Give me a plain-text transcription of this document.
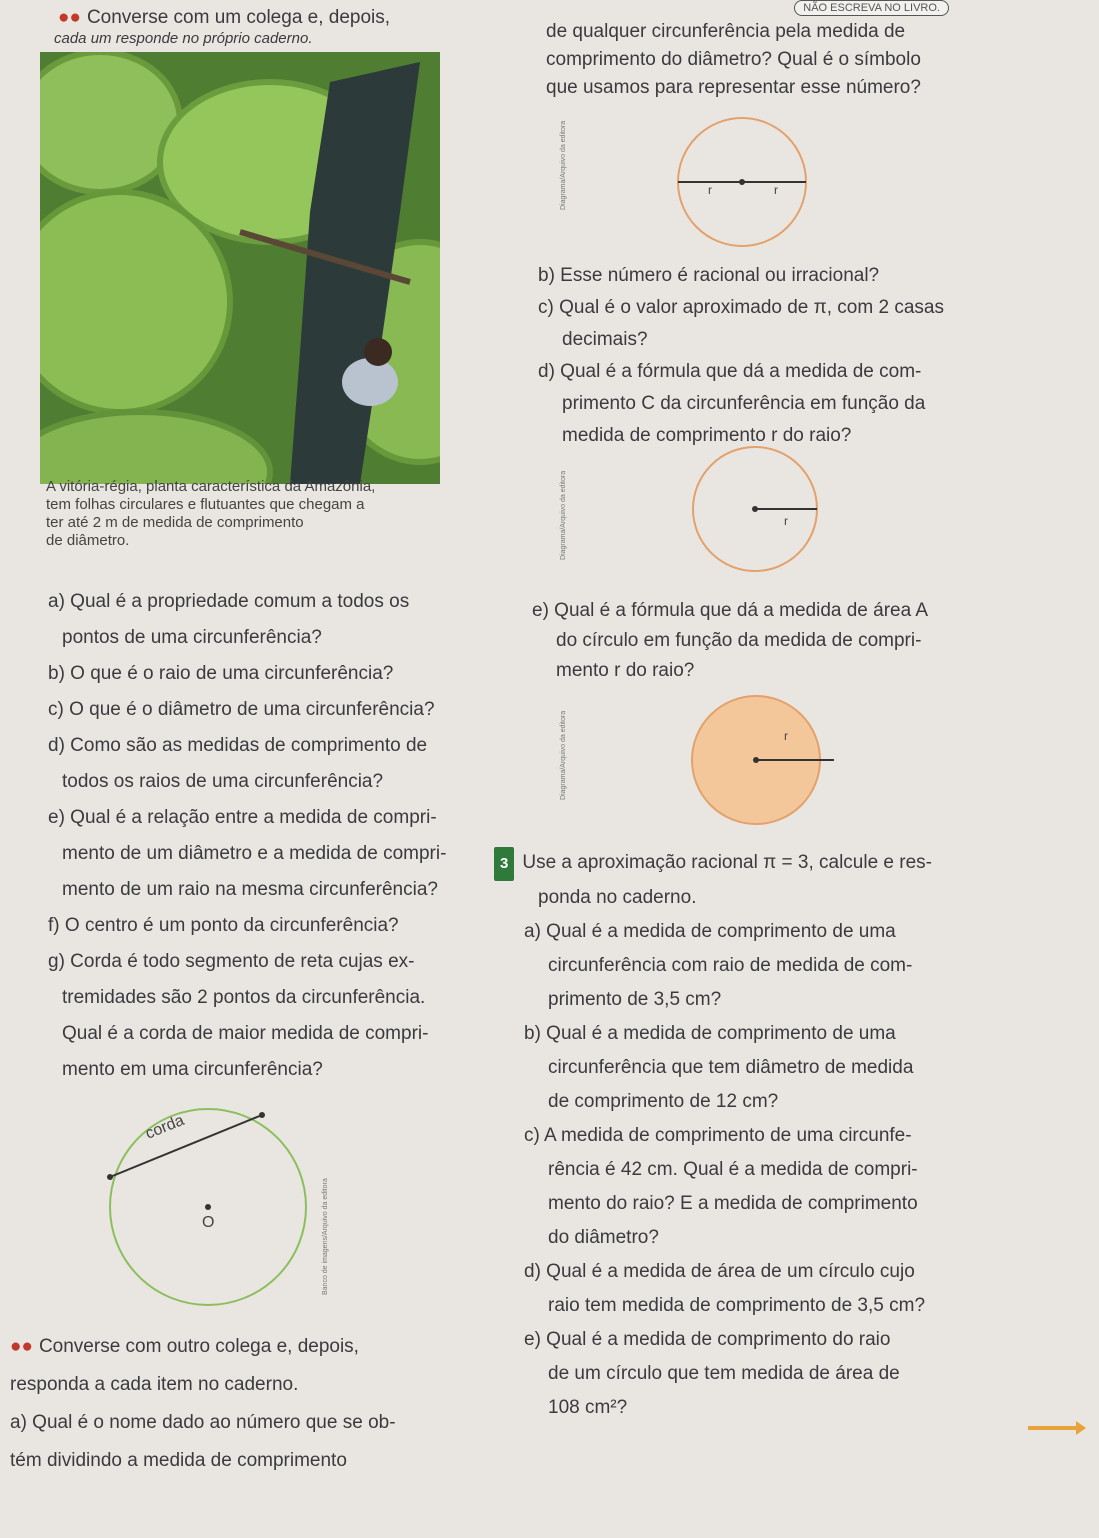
NÃO ESCREVA NO LIVRO.
●● Converse com um colega e, depois,
cada um responde no próprio caderno.
A vitória-régia, planta característica da Amazônia,
tem folhas circulares e flutuantes que chegam a
ter até 2 m de medida de comprimento
de diâmetro.
a) Qual é a propriedade comum a todos os
pontos de uma circunferência?
b) O que é o raio de uma circunferência?
c) O que é o diâmetro de uma circunferência?
d) Como são as medidas de comprimento de
todos os raios de uma circunferência?
e) Qual é a relação entre a medida de compri-
mento de um diâmetro e a medida de compri-
mento de um raio na mesma circunferência?
f) O centro é um ponto da circunferência?
g) Corda é todo segmento de reta cujas ex-
tremidades são 2 pontos da circunferência.
Qual é a corda de maior medida de compri-
mento em uma circunferência?
corda
O	Banco de imagens/Arquivo da editora
●● Converse com outro colega e, depois,
responda a cada item no caderno.
a) Qual é o nome dado ao número que se ob-
tém dividindo a medida de comprimento
de qualquer circunferência pela medida de
comprimento do diâmetro? Qual é o símbolo
que usamos para representar esse número?
r	r
Diagrama/Arquivo da editora
b) Esse número é racional ou irracional?
c) Qual é o valor aproximado de π, com 2 casas
decimais?
d) Qual é a fórmula que dá a medida de com-
primento C da circunferência em função da
medida de comprimento r do raio?
r
Diagrama/Arquivo da editora
e) Qual é a fórmula que dá a medida de área A
do círculo em função da medida de compri-
mento r do raio?
r
Diagrama/Arquivo da editora
3 Use a aproximação racional π = 3, calcule e res-
ponda no caderno.
a) Qual é a medida de comprimento de uma
circunferência com raio de medida de com-
primento de 3,5 cm?
b) Qual é a medida de comprimento de uma
circunferência que tem diâmetro de medida
de comprimento de 12 cm?
c) A medida de comprimento de uma circunfe-
rência é 42 cm. Qual é a medida de compri-
mento do raio? E a medida de comprimento
do diâmetro?
d) Qual é a medida de área de um círculo cujo
raio tem medida de comprimento de 3,5 cm?
e) Qual é a medida de comprimento do raio
de um círculo que tem medida de área de
108 cm²?
